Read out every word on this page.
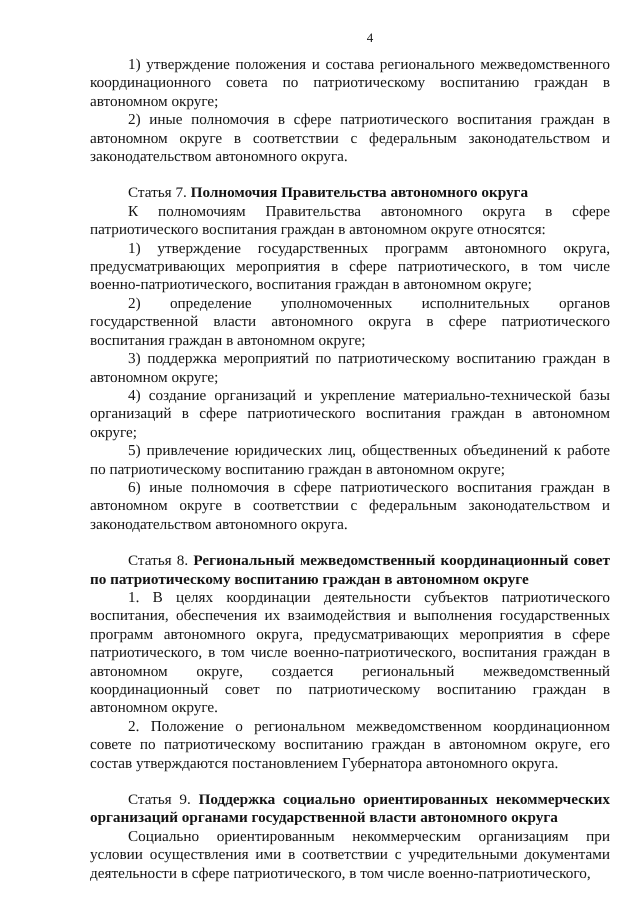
4

1) утверждение положения и состава регионального межведомственного координационного совета по патриотическому воспитанию граждан в автономном округе;

2) иные полномочия в сфере патриотического воспитания граждан в автономном округе в соответствии с федеральным законодательством и законодательством автономного округа.

Статья 7. Полномочия Правительства автономного округа

К полномочиям Правительства автономного округа в сфере патриотического воспитания граждан в автономном округе относятся:

1) утверждение государственных программ автономного округа, предусматривающих мероприятия в сфере патриотического, в том числе военно-патриотического, воспитания граждан в автономном округе;

2) определение уполномоченных исполнительных органов государственной власти автономного округа в сфере патриотического воспитания граждан в автономном округе;

3) поддержка мероприятий по патриотическому воспитанию граждан в автономном округе;

4) создание организаций и укрепление материально-технической базы организаций в сфере патриотического воспитания граждан в автономном округе;

5) привлечение юридических лиц, общественных объединений к работе по патриотическому воспитанию граждан в автономном округе;

6) иные полномочия в сфере патриотического воспитания граждан в автономном округе в соответствии с федеральным законодательством и законодательством автономного округа.

Статья 8. Региональный межведомственный координационный совет по патриотическому воспитанию граждан в автономном округе

1. В целях координации деятельности субъектов патриотического воспитания, обеспечения их взаимодействия и выполнения государственных программ автономного округа, предусматривающих мероприятия в сфере патриотического, в том числе военно-патриотического, воспитания граждан в автономном округе, создается региональный межведомственный координационный совет по патриотическому воспитанию граждан в автономном округе.

2. Положение о региональном межведомственном координационном совете по патриотическому воспитанию граждан в автономном округе, его состав утверждаются постановлением Губернатора автономного округа.

Статья 9. Поддержка социально ориентированных некоммерческих организаций органами государственной власти автономного округа

Социально ориентированным некоммерческим организациям при условии осуществления ими в соответствии с учредительными документами деятельности в сфере патриотического, в том числе военно-патриотического,
